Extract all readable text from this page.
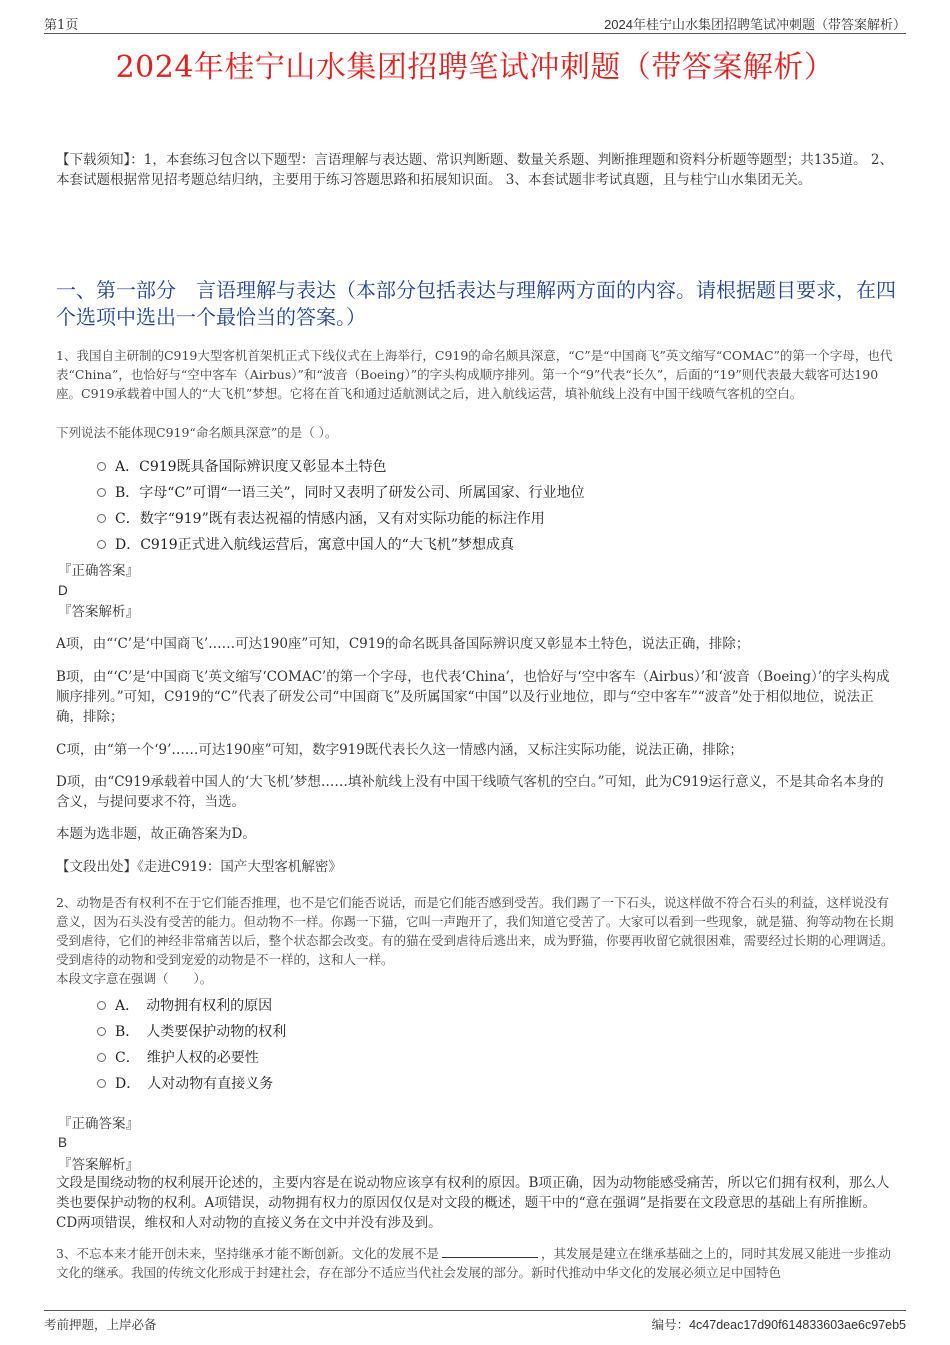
第1页	2024年桂宁山水集团招聘笔试冲刺题（带答案解析）
2024年桂宁山水集团招聘笔试冲刺题（带答案解析）
【下载须知】：1，本套练习包含以下题型：言语理解与表达题、常识判断题、数量关系题、判断推理题和资料分析题等题型；共135道。 2、本套试题根据常见招考题总结归纳，主要用于练习答题思路和拓展知识面。 3、本套试题非考试真题，且与桂宁山水集团无关。
一、第一部分　言语理解与表达（本部分包括表达与理解两方面的内容。请根据题目要求，在四个选项中选出一个最恰当的答案。）
1、我国自主研制的C919大型客机首架机正式下线仪式在上海举行，C919的命名颇具深意，“C”是“中国商飞”英文缩写“COMAC”的第一个字母，也代表“China”，也恰好与“空中客车（Airbus）”和“波音（Boeing）”的字头构成顺序排列。第一个“9”代表“长久”，后面的“19”则代表最大载客可达190座。C919承载着中国人的“大飞机”梦想。它将在首飞和通过适航测试之后，进入航线运营，填补航线上没有中国干线喷气客机的空白。
下列说法不能体现C919“命名颇具深意”的是（ ）。
A．C919既具备国际辨识度又彰显本土特色
B．字母“C”可谓“一语三关”，同时又表明了研发公司、所属国家、行业地位
C．数字“919”既有表达祝福的情感内涵，又有对实际功能的标注作用
D．C919正式进入航线运营后，寓意中国人的“大飞机”梦想成真
『正确答案』
D
『答案解析』
A项，由“‘C’是‘中国商飞’……可达190座”可知，C919的命名既具备国际辨识度又彰显本土特色，说法正确，排除；
B项，由“‘C’是‘中国商飞’英文缩写‘COMAC’的第一个字母，也代表‘China’，也恰好与‘空中客车（Airbus）’和‘波音（Boeing）’的字头构成顺序排列。”可知，C919的“C”代表了研发公司“中国商飞”及所属国家“中国”以及行业地位，即与“空中客车”“波音”处于相似地位，说法正确，排除；
C项，由“第一个‘9’……可达190座”可知，数字919既代表长久这一情感内涵，又标注实际功能，说法正确，排除；
D项，由“C919承载着中国人的‘大飞机’梦想……填补航线上没有中国干线喷气客机的空白。”可知，此为C919运行意义，不是其命名本身的含义，与提问要求不符，当选。
本题为选非题，故正确答案为D。
【文段出处】《走进C919：国产大型客机解密》
2、动物是否有权利不在于它们能否推理，也不是它们能否说话，而是它们能否感到受苦。我们踢了一下石头，说这样做不符合石头的利益，这样说没有意义，因为石头没有受苦的能力。但动物不一样。你踢一下猫，它叫一声跑开了，我们知道它受苦了。大家可以看到一些现象，就是猫、狗等动物在长期受到虐待，它们的神经非常痛苦以后，整个状态都会改变。有的猫在受到虐待后逃出来，成为野猫，你要再收留它就很困难，需要经过长期的心理调适。受到虐待的动物和受到宠爱的动物是不一样的，这和人一样。
本段文字意在强调（　　）。
A．　动物拥有权利的原因
B．　人类要保护动物的权利
C．　维护人权的必要性
D．　人对动物有直接义务
『正确答案』
B
『答案解析』
文段是围绕动物的权利展开论述的，主要内容是在说动物应该享有权利的原因。B项正确，因为动物能感受痛苦，所以它们拥有权利，那么人类也要保护动物的权利。A项错误，动物拥有权力的原因仅仅是对文段的概述，题干中的“意在强调”是指要在文段意思的基础上有所推断。CD两项错误，维权和人对动物的直接义务在文中并没有涉及到。
3、不忘本来才能开创未来，坚持继承才能不断创新。文化的发展不是	，其发展是建立在继承基础之上的，同时其发展又能进一步推动文化的继承。我国的传统文化形成于封建社会，存在部分不适应当代社会发展的部分。新时代推动中华文化的发展必须立足中国特色
考前押题，上岸必备	编号：4c47deac17d90f614833603ae6c97eb5
